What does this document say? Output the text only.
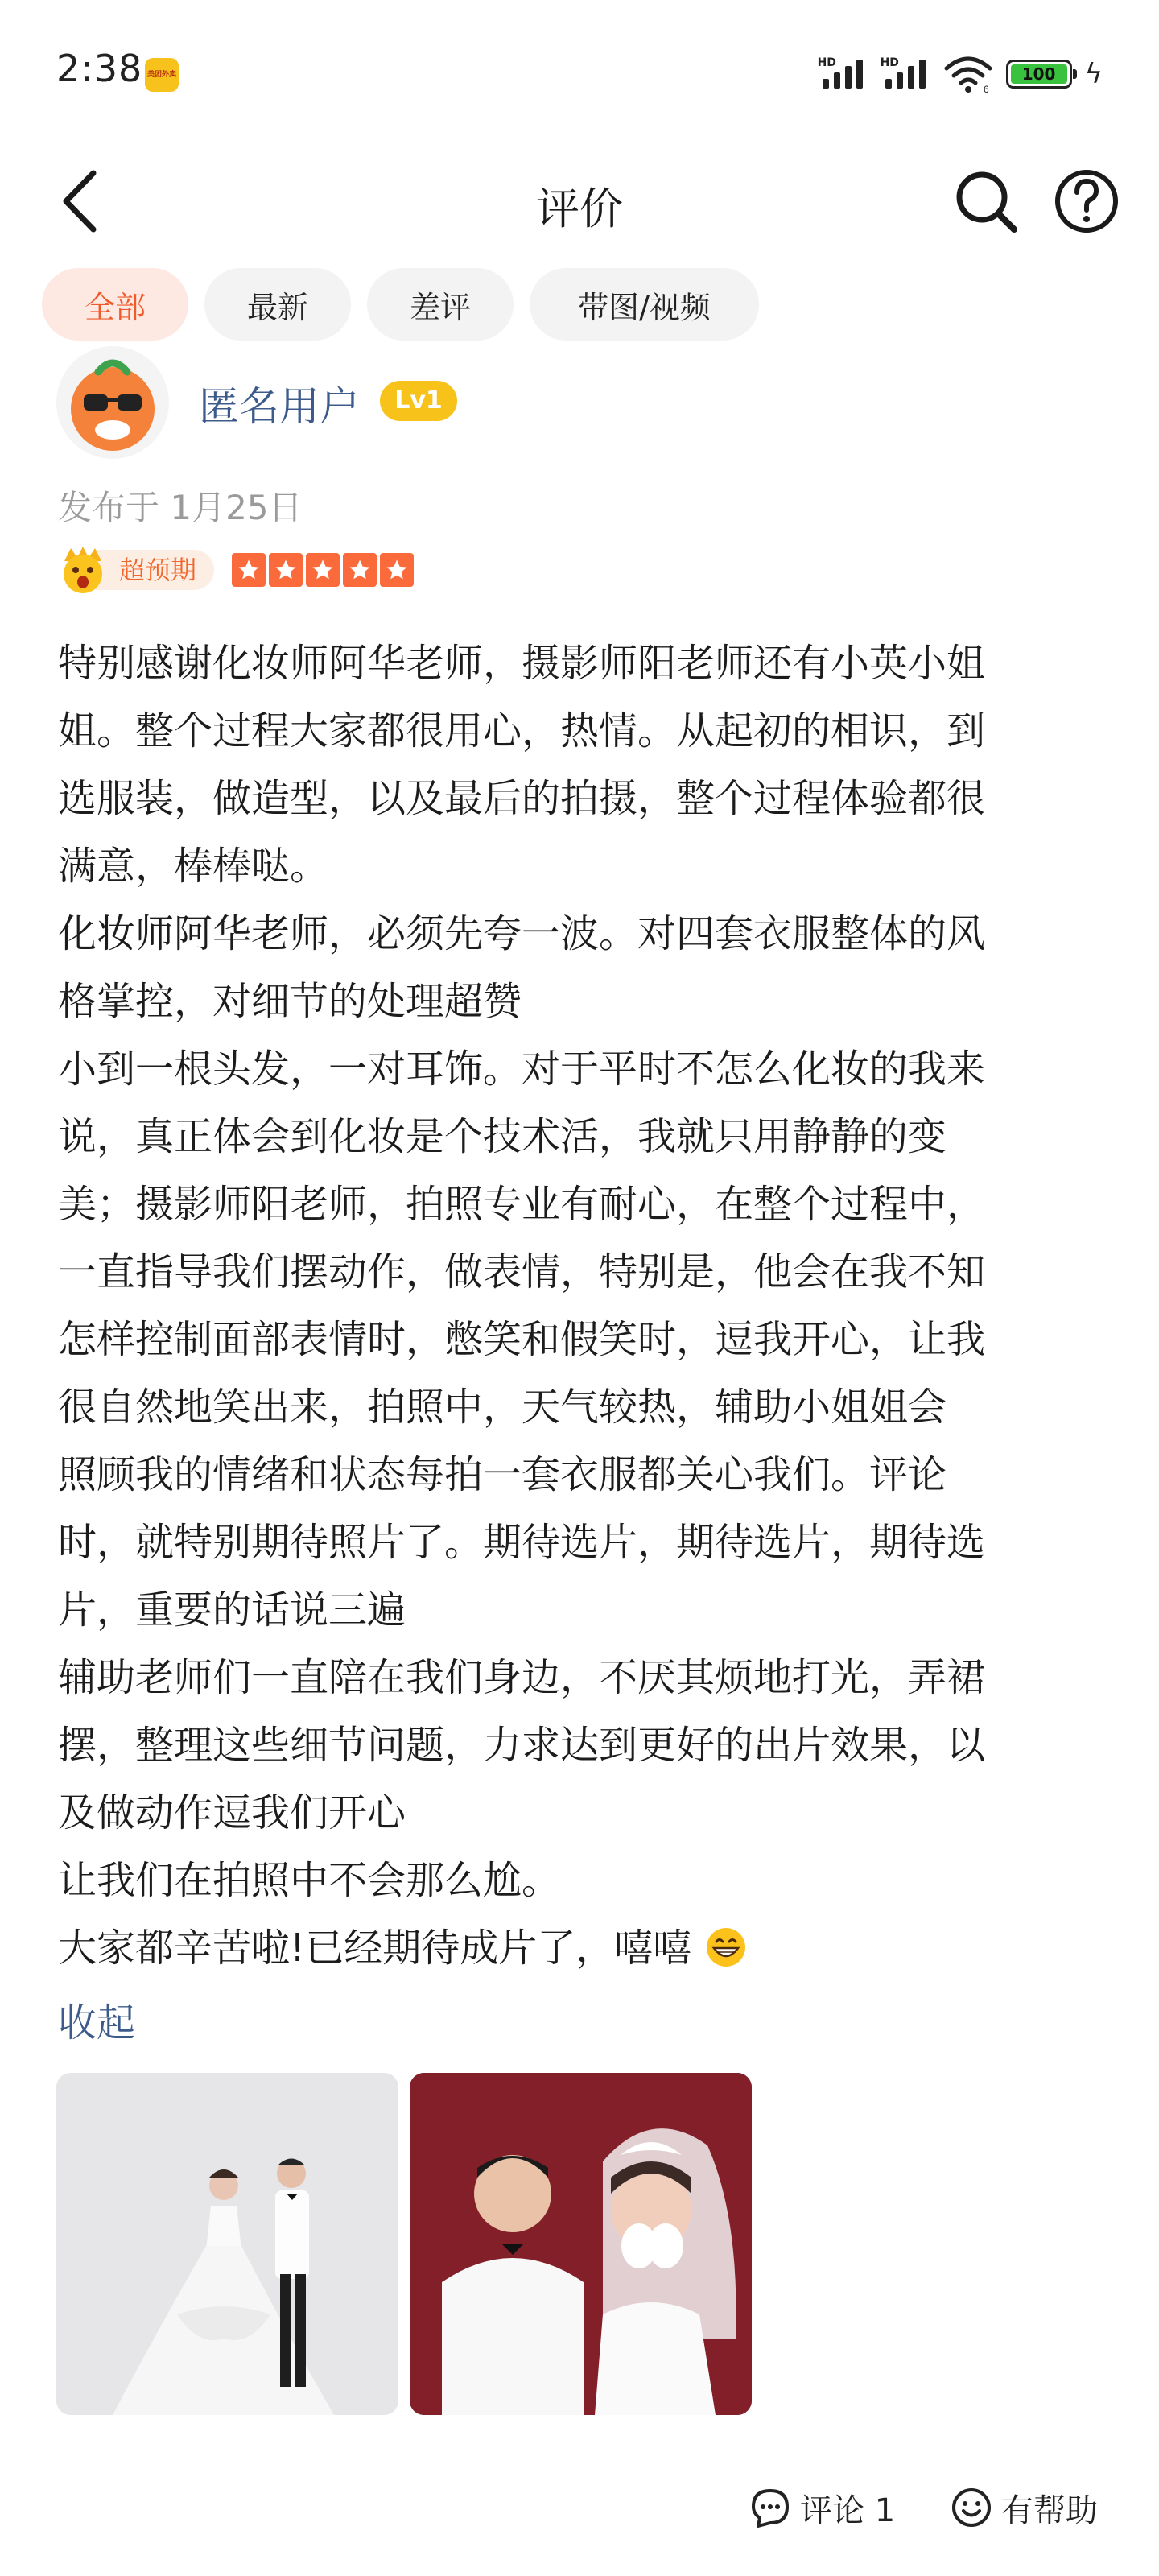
2:38 美团外卖
HD	HD
6
100	ϟ
评价
全部	最新	差评	带图/视频
匿名用户	Lv1
发布于 1月25日
超预期
特别感谢化妆师阿华老师，摄影师阳老师还有小英小姐
姐。整个过程大家都很用心，热情。从起初的相识，到
选服装，做造型，以及最后的拍摄，整个过程体验都很
满意，棒棒哒。
化妆师阿华老师，必须先夸一波。对四套衣服整体的风
格掌控，对细节的处理超赞
小到一根头发，一对耳饰。对于平时不怎么化妆的我来
说，真正体会到化妆是个技术活，我就只用静静的变
美；摄影师阳老师，拍照专业有耐心，在整个过程中，
一直指导我们摆动作，做表情，特别是，他会在我不知
怎样控制面部表情时，憋笑和假笑时，逗我开心，让我
很自然地笑出来，拍照中，天气较热，辅助小姐姐会
照顾我的情绪和状态每拍一套衣服都关心我们。评论
时，就特别期待照片了。期待选片，期待选片，期待选
片，重要的话说三遍
辅助老师们一直陪在我们身边，不厌其烦地打光，弄裙
摆，整理这些细节问题，力求达到更好的出片效果，以
及做动作逗我们开心
让我们在拍照中不会那么尬。
大家都辛苦啦!已经期待成片了，嘻嘻
收起
评论 1	有帮助
